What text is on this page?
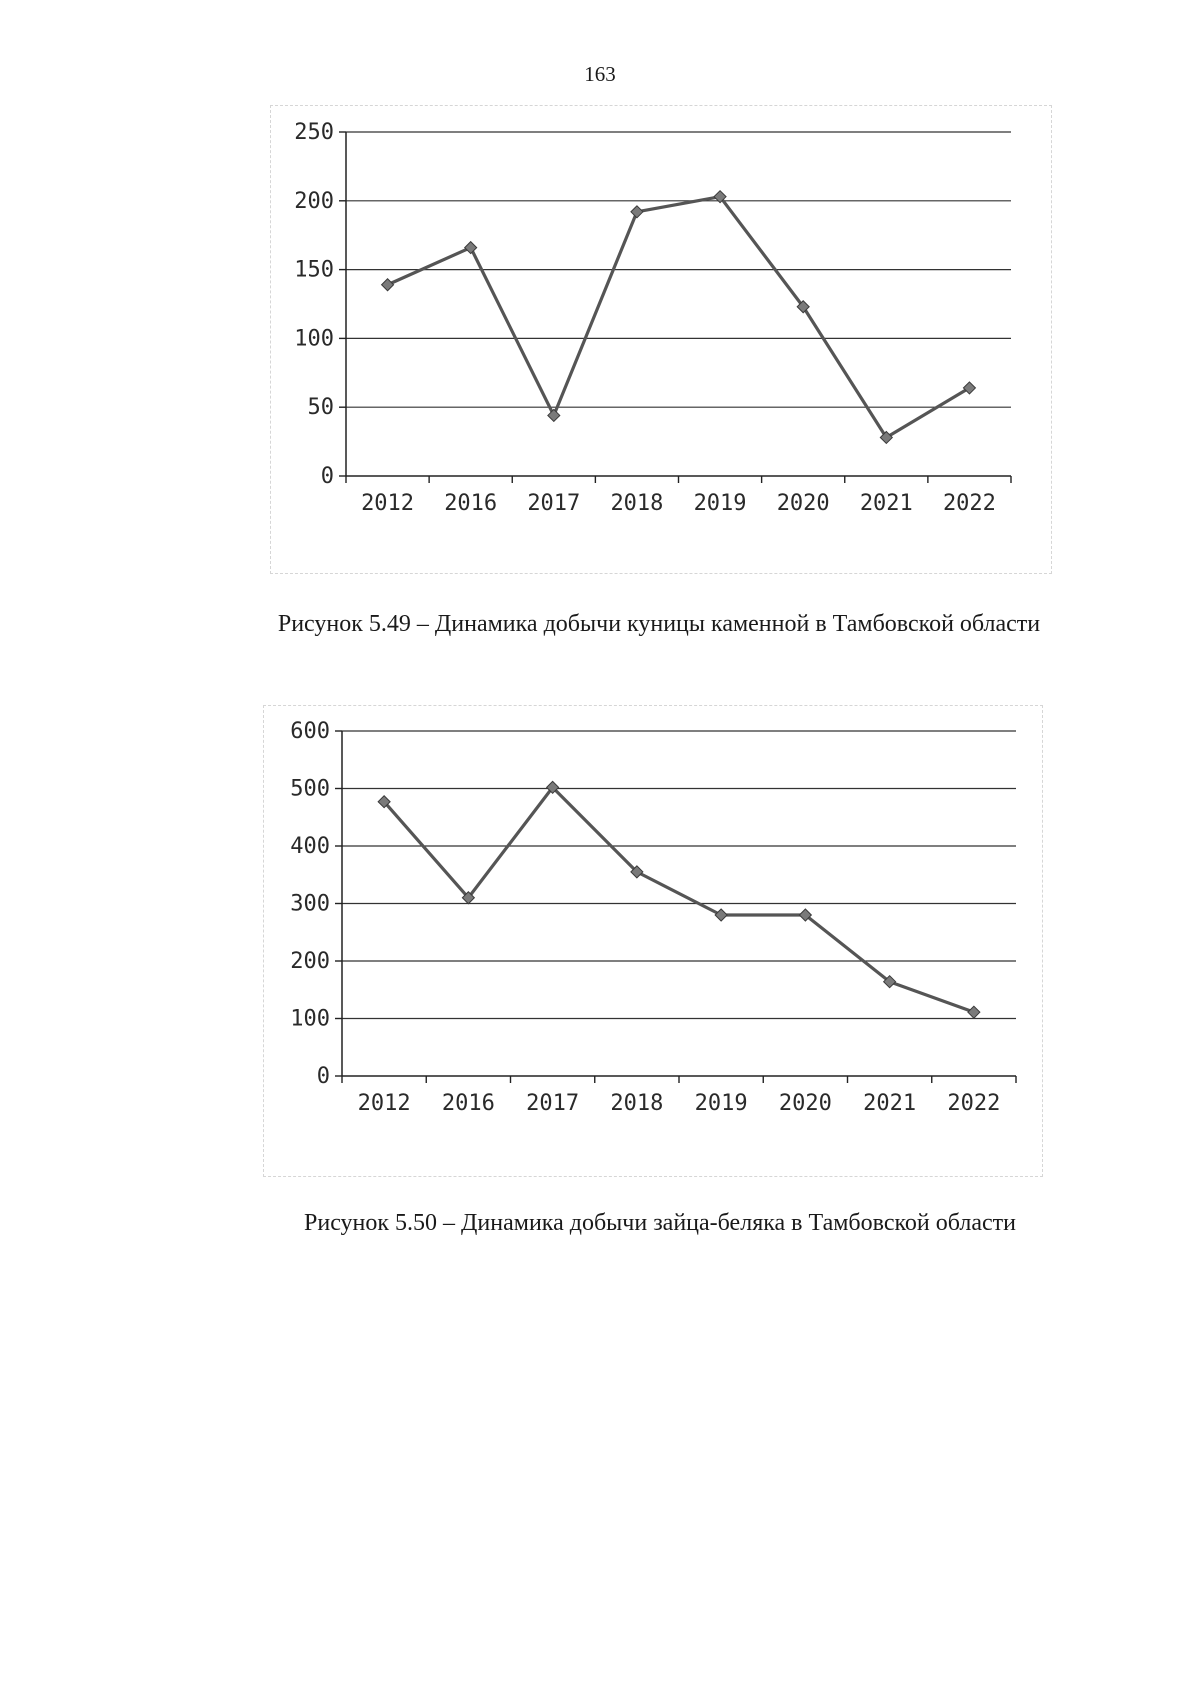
163
0
50
100
150
200
250
2012 2016 2017 2018 2019 2020 2021 2022
Рисунок 5.49 – Динамика добычи куницы каменной в Тамбовской области
0
100
200
300
400
500
600
2012 2016 2017 2018 2019 2020 2021 2022
Рисунок 5.50 – Динамика добычи зайца-беляка в Тамбовской области
